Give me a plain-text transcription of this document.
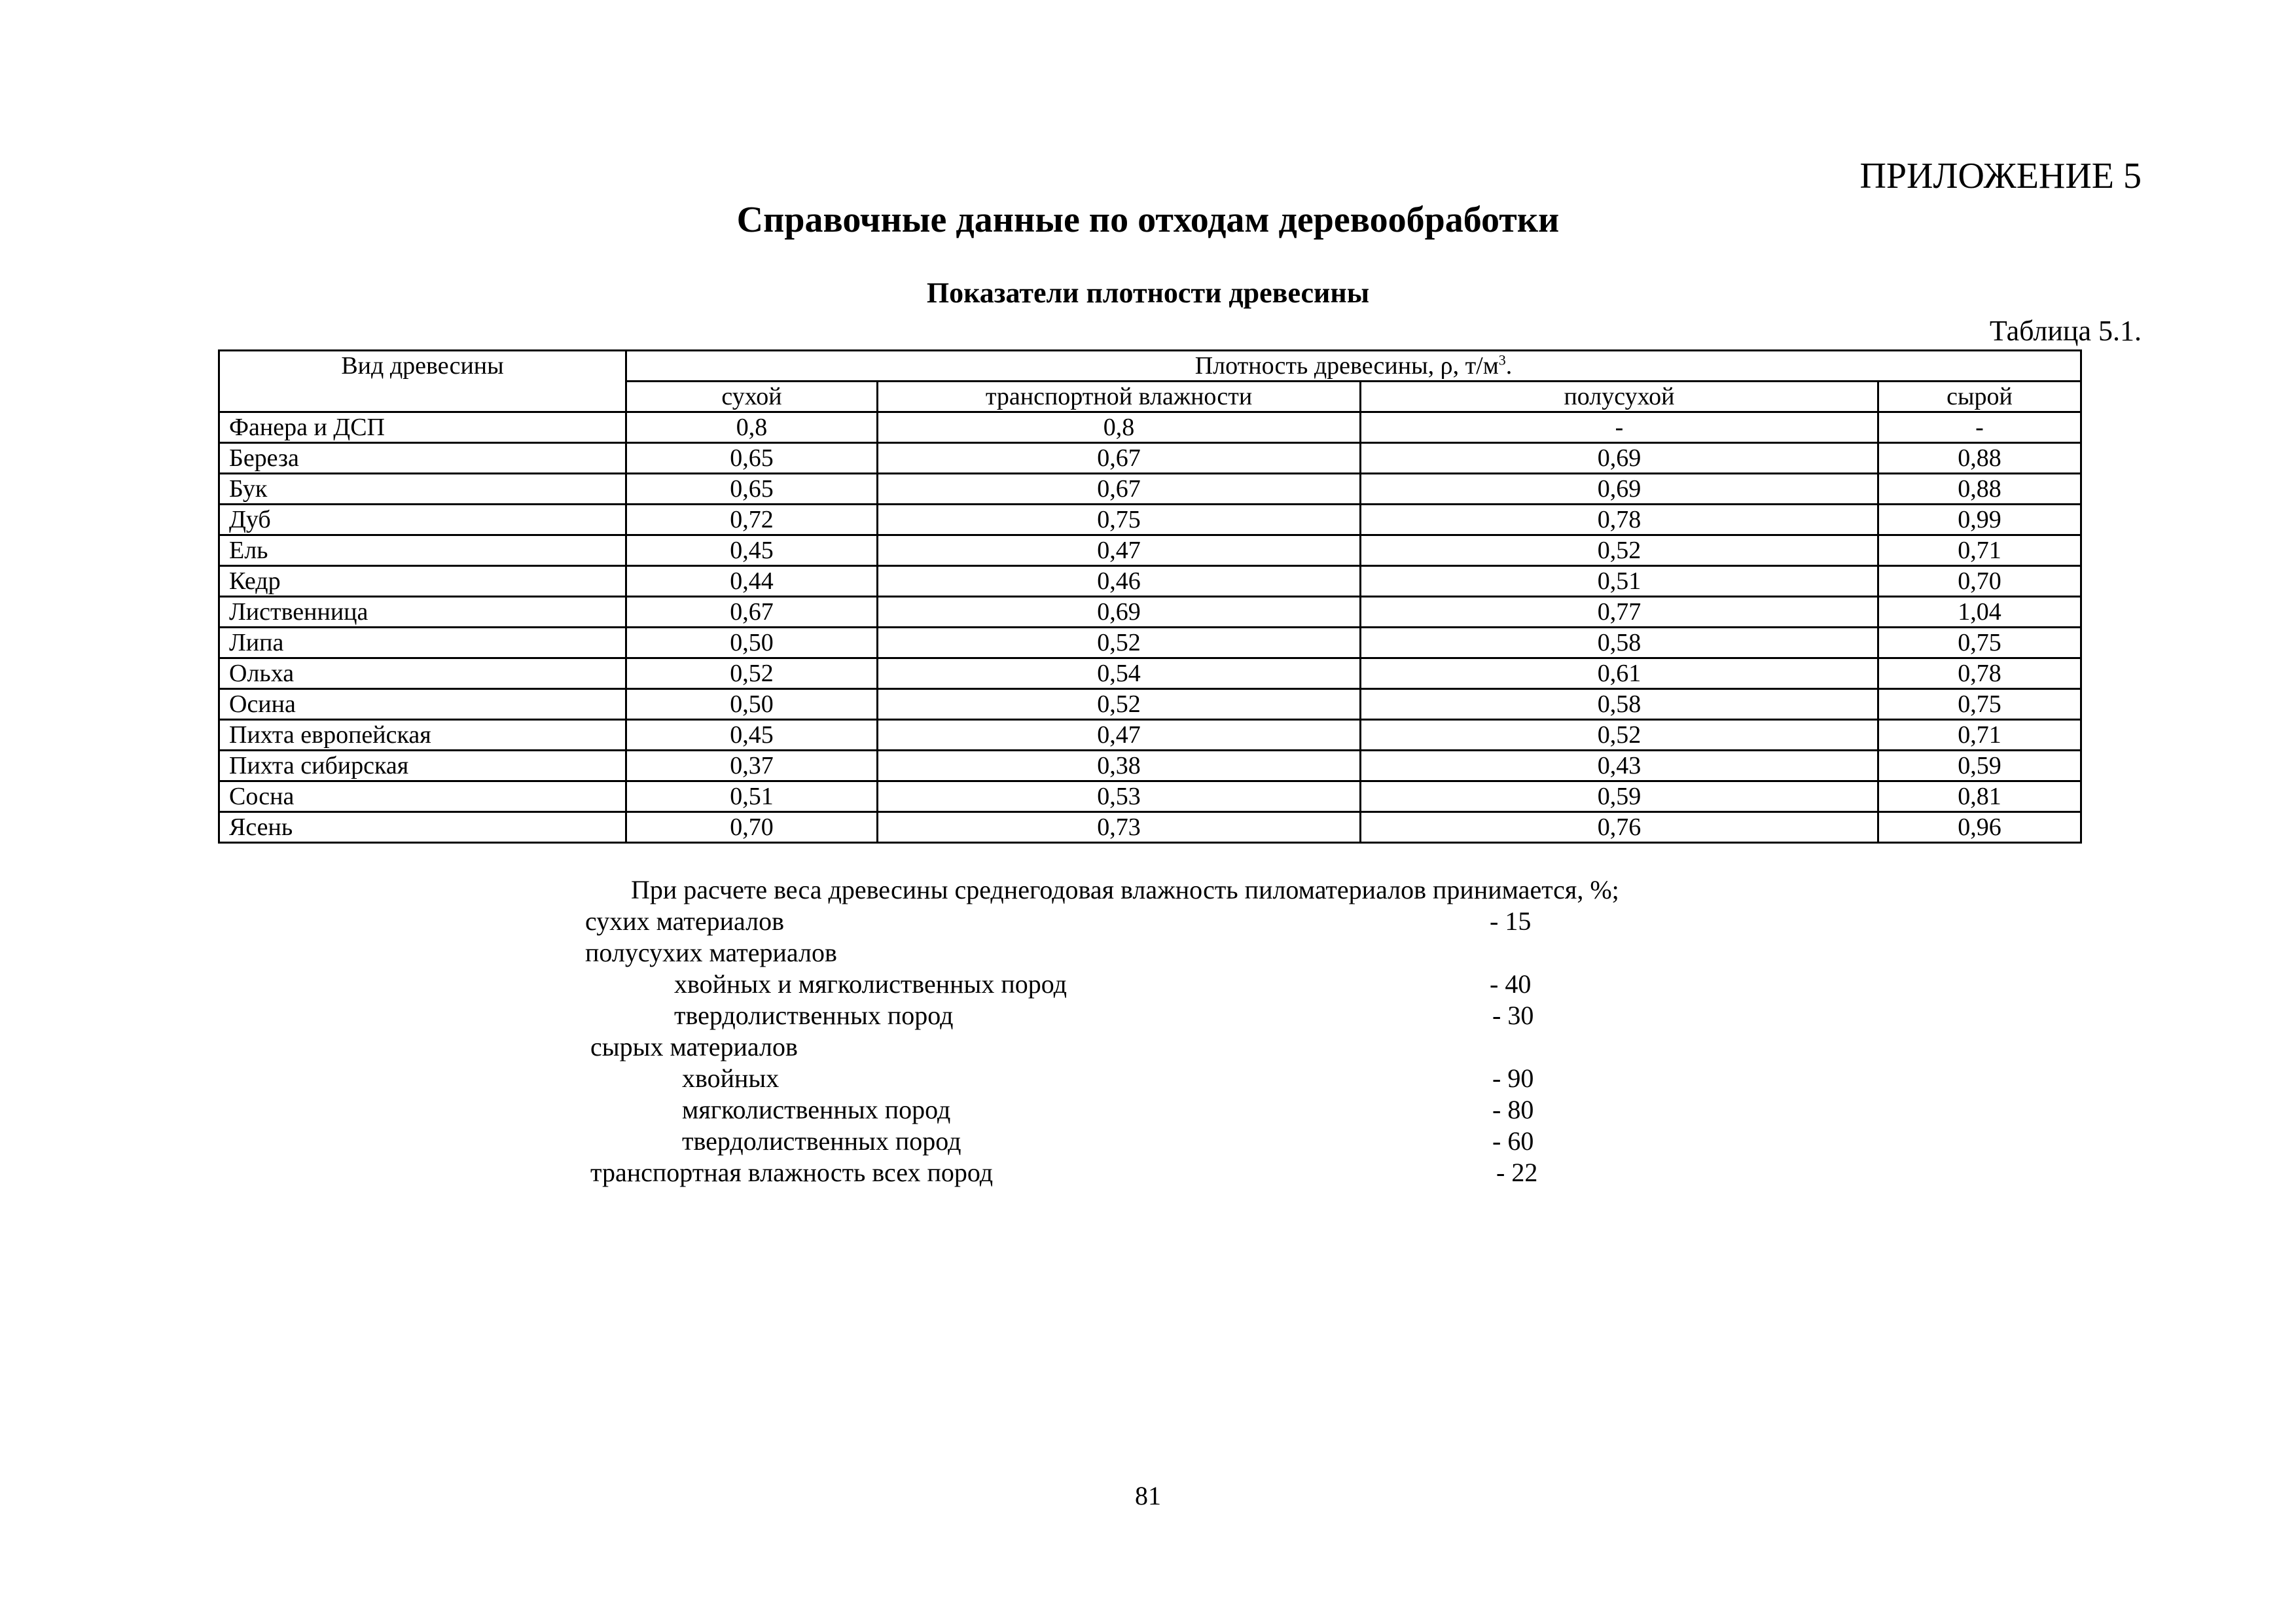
ПРИЛОЖЕНИЕ 5
Справочные данные по отходам деревообработки
Показатели плотности древесины
Таблица 5.1.
Вид древесины	Плотность древесины, ρ, $т/м^3$.			
	сухой	транспортной влажности	полусухой	сырой
Фанера и ДСП	0,8	0,8	-	-
Береза	0,65	0,67	0,69	0,88
Бук	0,65	0,67	0,69	0,88
Дуб	0,72	0,75	0,78	0,99
Ель	0,45	0,47	0,52	0,71
Кедр	0,44	0,46	0,51	0,70
Лиственница	0,67	0,69	0,77	1,04
Липа	0,50	0,52	0,58	0,75
Ольха	0,52	0,54	0,61	0,78
Осина	0,50	0,52	0,58	0,75
Пихта европейская	0,45	0,47	0,52	0,71
Пихта сибирская	0,37	0,38	0,43	0,59
Сосна	0,51	0,53	0,59	0,81
Ясень	0,70	0,73	0,76	0,96
При расчете веса древесины среднегодовая влажность пиломатериалов принимается, %;
сухих материалов	- 15
полусухих материалов
хвойных и мягколиственных пород	- 40
твердолиственных пород	- 30
сырых материалов
хвойных	- 90
мягколиственных пород	- 80
твердолиственных пород	- 60
транспортная влажность всех пород	- 22
81
